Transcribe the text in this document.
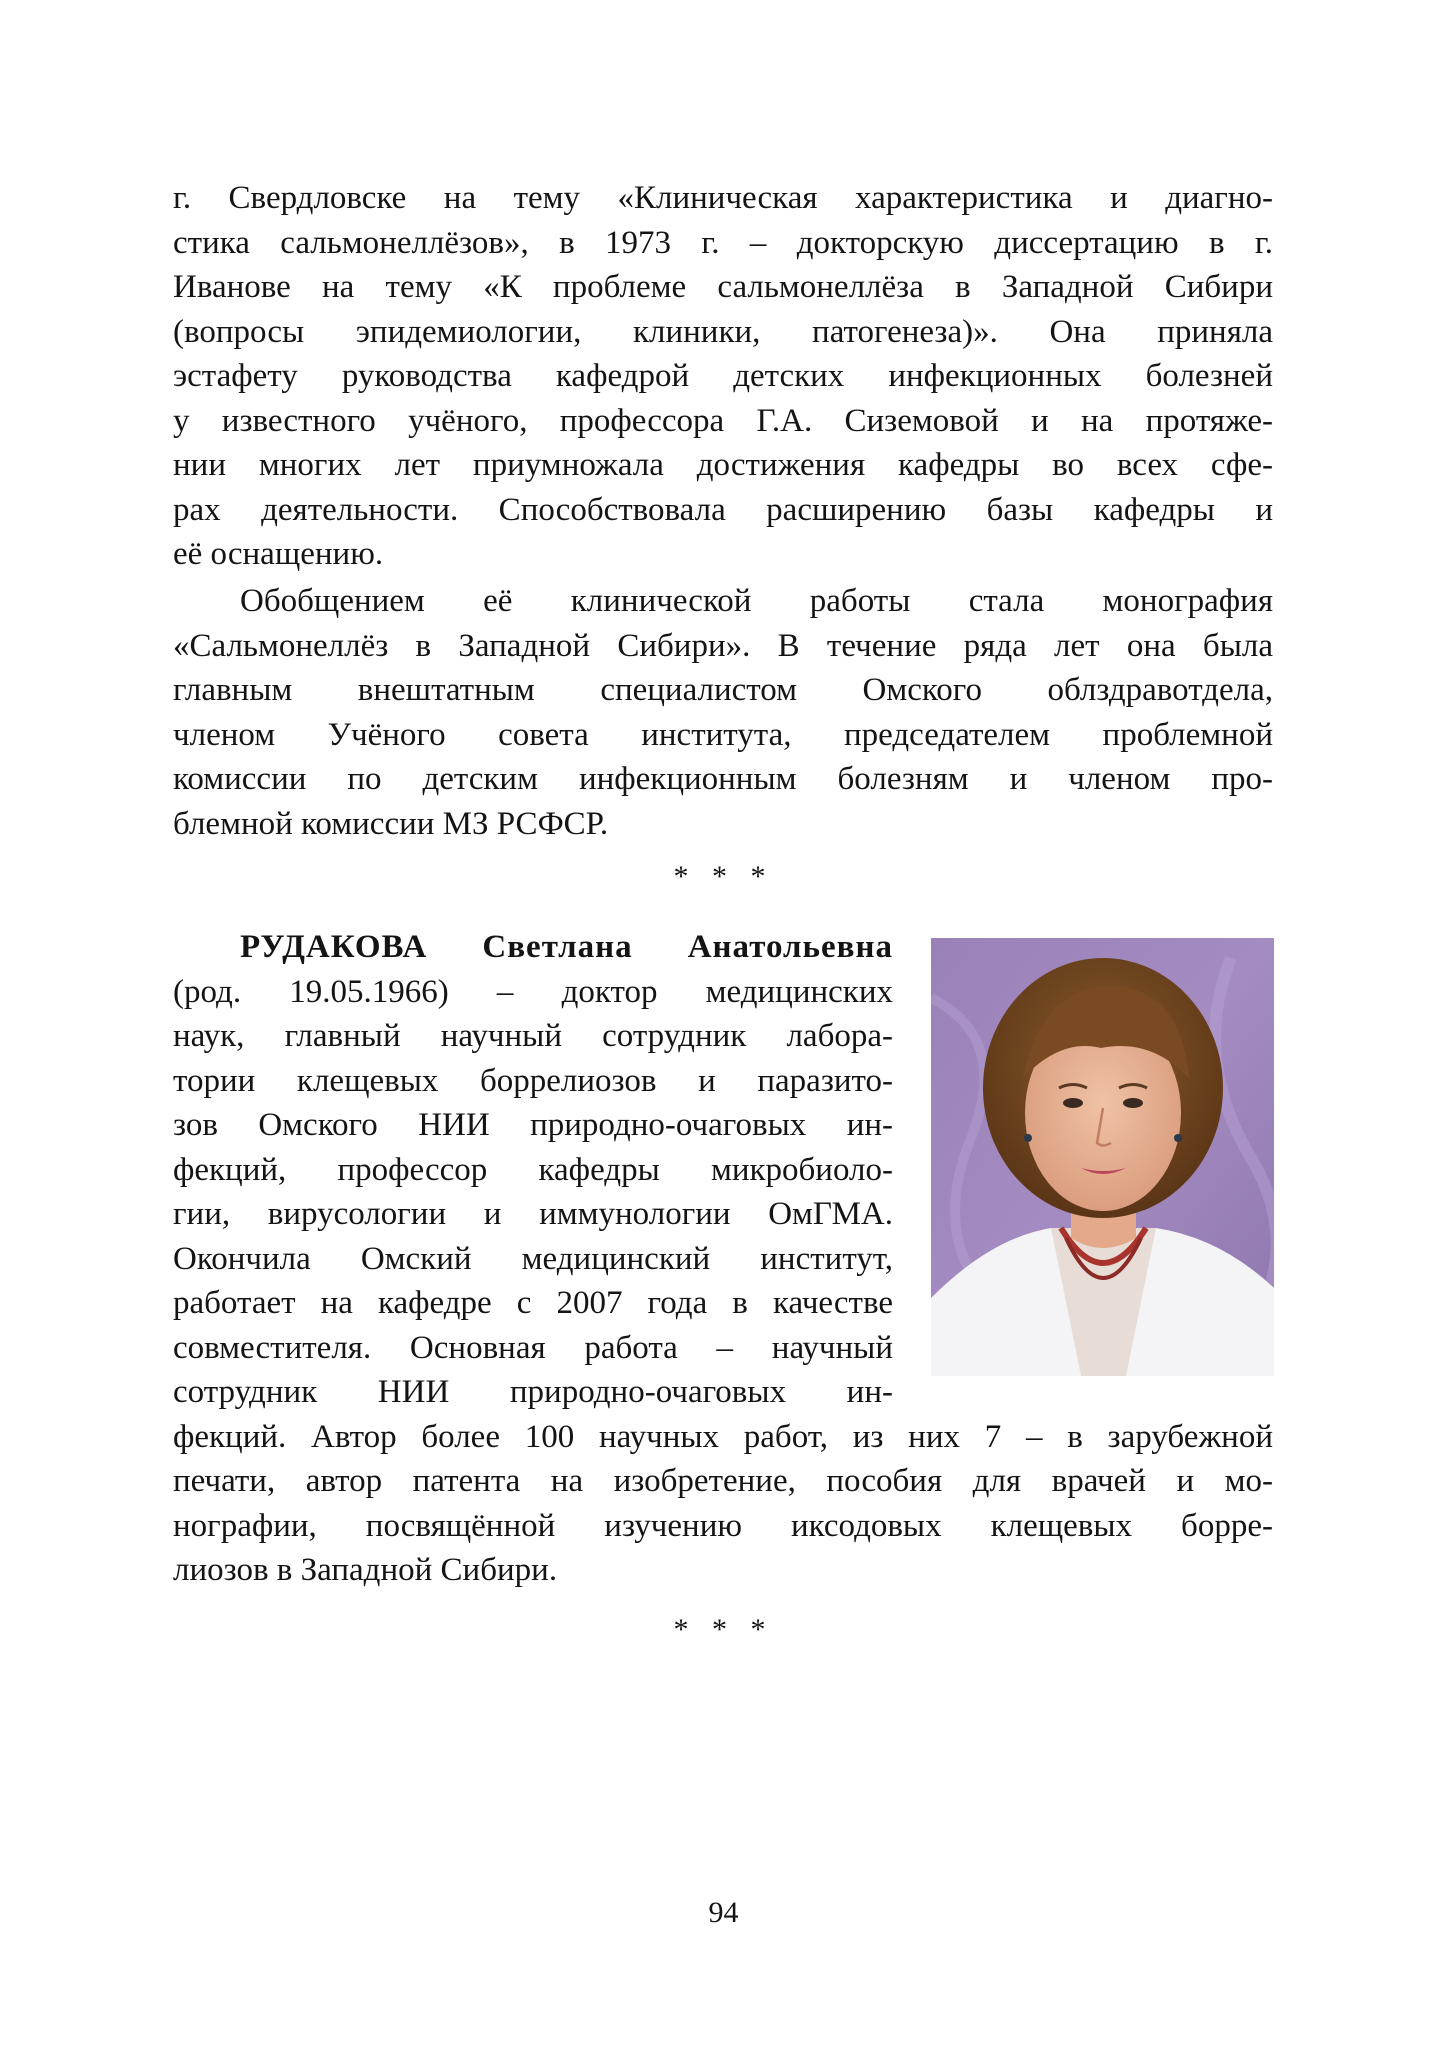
г. Свердловске на тему «Клиническая характеристика и диагно-
стика сальмонеллёзов», в 1973 г. – докторскую диссертацию в г.
Иванове на тему «К проблеме сальмонеллёза в Западной Сибири
(вопросы эпидемиологии, клиники, патогенеза)». Она приняла
эстафету руководства кафедрой детских инфекционных болезней
у известного учёного, профессора Г.А. Сиземовой и на протяже-
нии многих лет приумножала достижения кафедры во всех сфе-
рах деятельности. Способствовала расширению базы кафедры и
её оснащению.
Обобщением её клинической работы стала монография
«Сальмонеллёз в Западной Сибири». В течение ряда лет она была
главным внештатным специалистом Омского облздравотдела,
членом Учёного совета института, председателем проблемной
комиссии по детским инфекционным болезням и членом про-
блемной комиссии МЗ РСФСР.
* * *
РУДАКОВА Светлана Анатольевна
(род. 19.05.1966) – доктор медицинских
наук, главный научный сотрудник лабора-
тории клещевых боррелиозов и паразито-
зов Омского НИИ природно-очаговых ин-
фекций, профессор кафедры микробиоло-
гии, вирусологии и иммунологии ОмГМА.
Окончила Омский медицинский институт,
работает на кафедре с 2007 года в качестве
совместителя. Основная работа – научный
сотрудник НИИ природно-очаговых ин-
фекций. Автор более 100 научных работ, из них 7 – в зарубежной
печати, автор патента на изобретение, пособия для врачей и мо-
нографии, посвящённой изучению иксодовых клещевых борре-
лиозов в Западной Сибири.
* * *
94
